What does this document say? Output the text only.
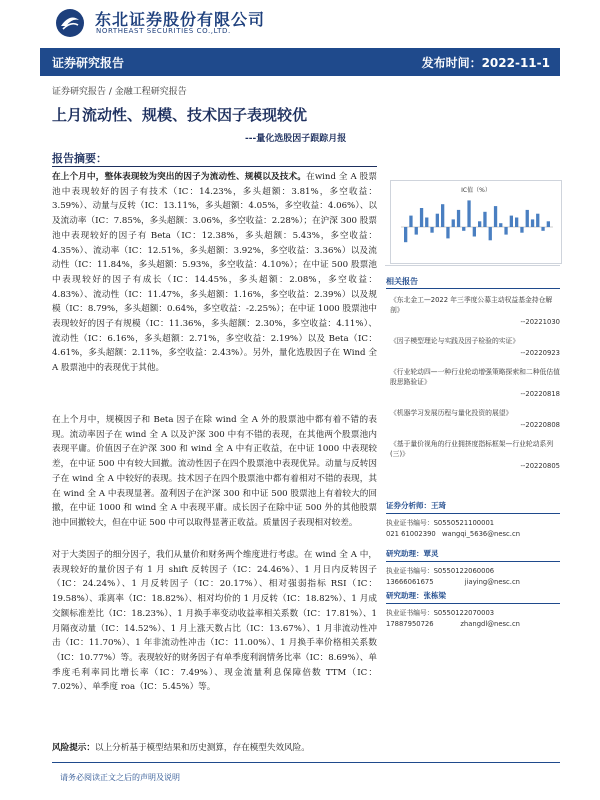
东北证券股份有限公司
NORTHEAST SECURITIES CO.,LTD.
证券研究报告	发布时间：2022-11-1
证券研究报告 / 金融工程研究报告
上月流动性、规模、技术因子表现较优
---量化选股因子跟踪月报
报告摘要：

在上个月中，整体表现较为突出的因子为流动性、规模以及技术。在wind 全 A 股票池中表现较好的因子有技术（IC：14.23%，多头超额：3.81%，多空收益：3.59%）、动量与反转（IC：13.11%，多头超额：4.05%，多空收益：4.06%）、以及流动率（IC：7.85%，多头超额：3.06%，多空收益：2.28%）；在沪深 300 股票池中表现较好的因子有 Beta（IC：12.38%，多头超额：5.43%，多空收益：4.35%）、流动率（IC：12.51%，多头超额：3.92%，多空收益：3.36%）以及流动性（IC：11.84%，多头超额：5.93%，多空收益：4.10%）；在中证 500 股票池中表现较好的因子有成长（IC：14.45%，多头超额：2.08%，多空收益：4.83%）、流动性（IC：11.47%，多头超额：1.16%，多空收益：2.39%）以及规模（IC：8.79%，多头超额：0.64%，多空收益：-2.25%）；在中证 1000 股票池中表现较好的因子有规模（IC：11.36%，多头超额：2.30%，多空收益：4.11%）、流动性（IC：6.16%，多头超额：2.71%，多空收益：2.19%）以及 Beta（IC：4.61%，多头超额：2.11%，多空收益：2.43%）。另外，量化选股因子在 Wind 全 A 股票池中的表现优于其他。

在上个月中，规模因子和 Beta 因子在除 wind 全 A 外的股票池中都有着不错的表现。流动率因子在 wind 全 A 以及沪深 300 中有不错的表现，在其他两个股票池内表现平庸。价值因子在沪深 300 和 wind 全 A 中有正收益，在中证 1000 中表现较差，在中证 500 中有较大回撤。流动性因子在四个股票池中表现优异。动量与反转因子在 wind 全 A 中较好的表现。技术因子在四个股票池中都有着相对不错的表现，其在 wind 全 A 中表现显著。盈利因子在沪深 300 和中证 500 股票池上有着较大的回撤，在中证 1000 和 wind 全 A 中表现平庸。成长因子在除中证 500 外的其他股票池中回撤较大，但在中证 500 中可以取得显著正收益。质量因子表现相对较差。

对于大类因子的细分因子，我们从量价和财务两个维度进行考虑。在 wind 全 A 中，表现较好的量价因子有 1 月 shift 反转因子（IC：24.46%）、1 月日内反转因子（IC：24.24%）、1 月反转因子（IC：20.17%）、相对强弱指标 RSI（IC：19.58%）、乖离率（IC：18.82%）、相对均价的 1 月反转（IC：18.82%）、1 月成交额标准差比（IC：18.23%）、1 月换手率变动收益率相关系数（IC：17.81%）、1 月隔夜动量（IC：14.52%）、1 月上涨天数占比（IC：13.67%）、1 月非流动性冲击（IC：11.70%）、1 年非流动性冲击（IC：11.00%）、1 月换手率价格相关系数（IC：10.77%）等。表现较好的财务因子有单季度利润情务比率（IC：8.69%）、单季度毛利率同比增长率（IC：7.49%）、现金流量利息保障倍数 TTM（IC：7.02%）、单季度 roa（IC：5.45%）等。

风险提示：以上分析基于模型结果和历史测算，存在模型失效风险。
IC值（%）
相关报告
《东北金工—2022 年三季度公募主动权益基金持仓解剖》
--20221030
《因子模型理论与实践及因子检验的实证》
--20220923
《行业轮动四—一种行业轮动增强策略探索和二种低估值股思路验证》
--20220818
《机器学习发展历程与量化投资的展望》
--20220808
《基于量价视角的行业拥挤度指标框架—行业轮动系列(三)》
--20220805
证券分析师：王琦
执业证书编号：S0550521100001
021 61002390 wangqi_5636@nesc.cn
研究助理：覃灵
执业证书编号：S0550122060006
13666061675	jiaying@nesc.cn
研究助理：张栋梁
执业证书编号：S0550122070003
17887950726	zhangdl@nesc.cn
请务必阅读正文之后的声明及说明
